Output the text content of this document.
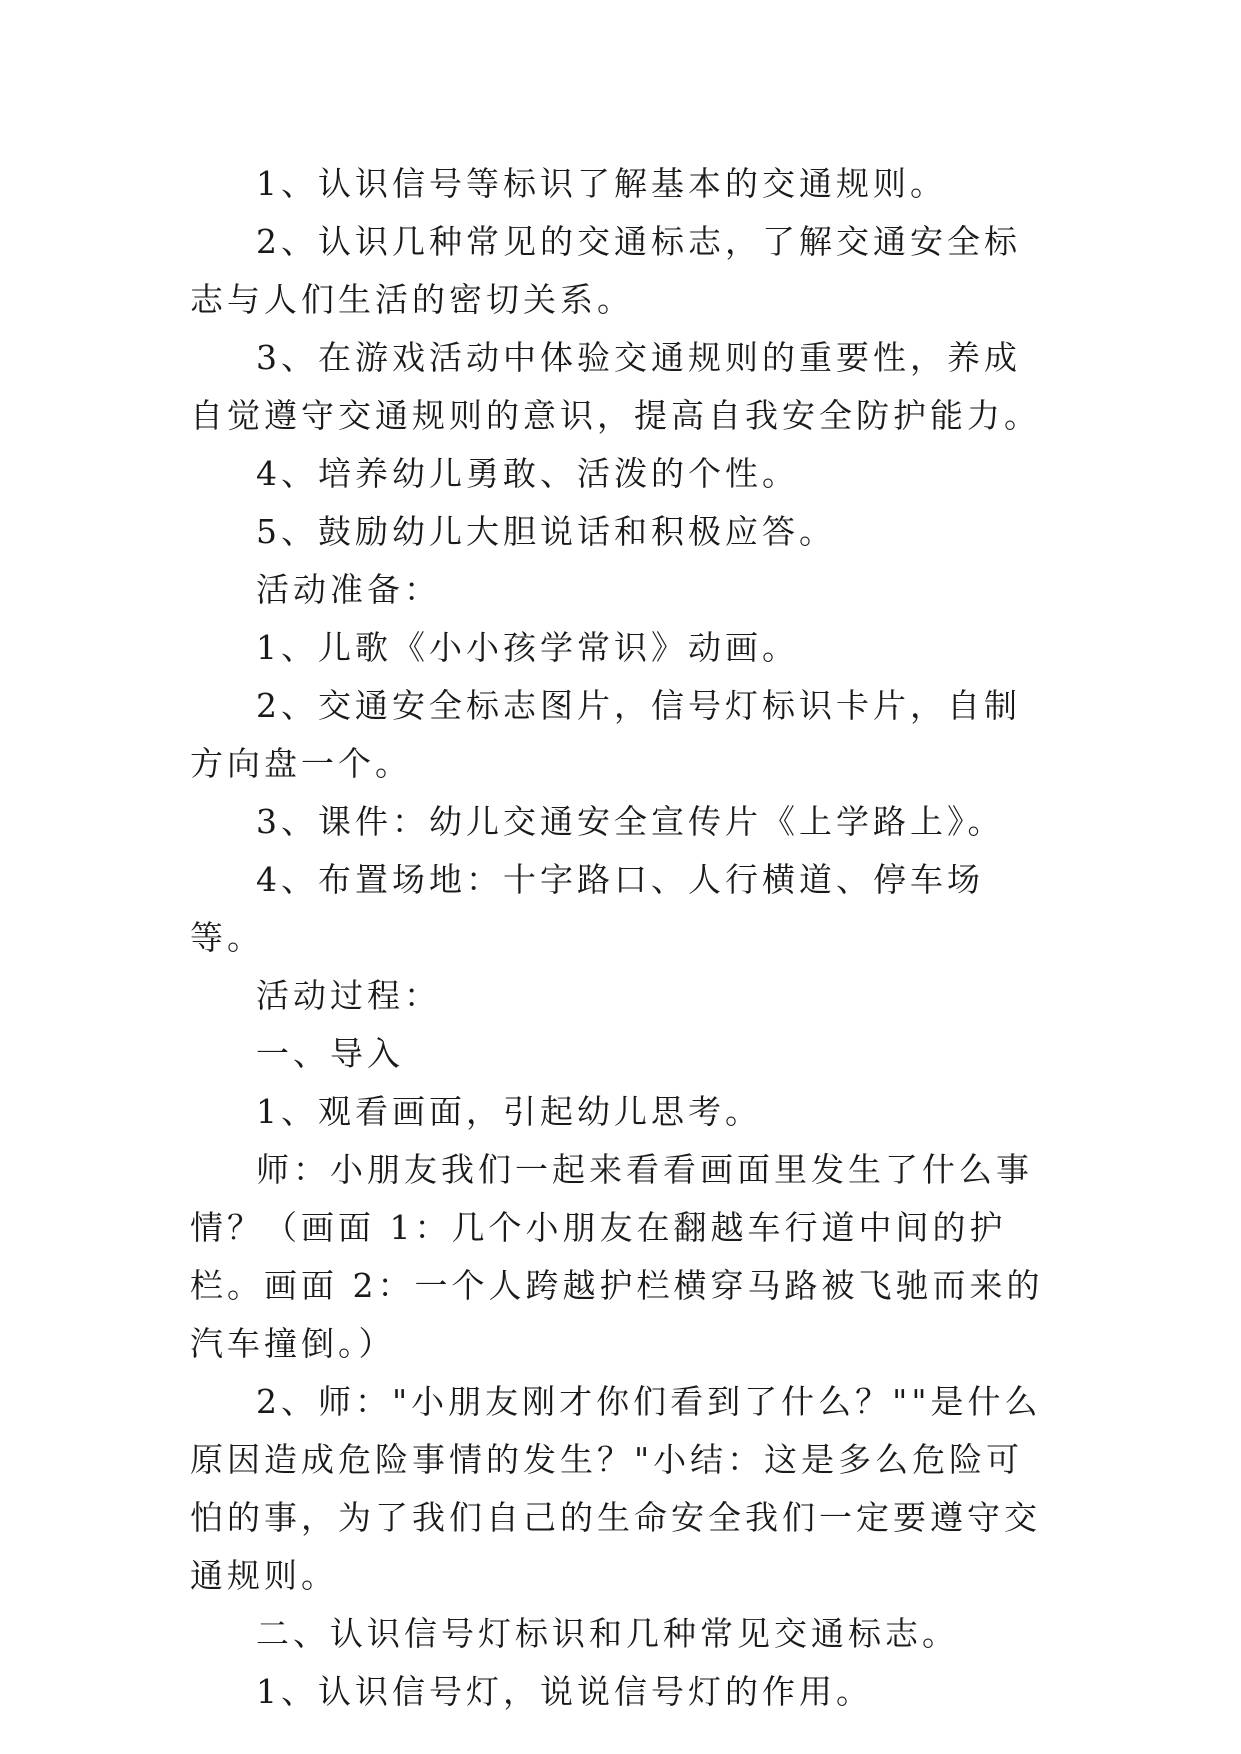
1、认识信号等标识了解基本的交通规则。

2、认识几种常见的交通标志，了解交通安全标志与人们生活的密切关系。

3、在游戏活动中体验交通规则的重要性，养成自觉遵守交通规则的意识，提高自我安全防护能力。

4、培养幼儿勇敢、活泼的个性。

5、鼓励幼儿大胆说话和积极应答。

活动准备：

1、儿歌《小小孩学常识》动画。

2、交通安全标志图片，信号灯标识卡片，自制方向盘一个。

3、课件：幼儿交通安全宣传片《上学路上》。

4、布置场地：十字路口、人行横道、停车场等。

活动过程：

一、导入

1、观看画面，引起幼儿思考。

师：小朋友我们一起来看看画面里发生了什么事情？（画面 1：几个小朋友在翻越车行道中间的护栏。画面 2：一个人跨越护栏横穿马路被飞驰而来的汽车撞倒。）

2、师："小朋友刚才你们看到了什么？""是什么原因造成危险事情的发生？"小结：这是多么危险可怕的事，为了我们自己的生命安全我们一定要遵守交通规则。

二、认识信号灯标识和几种常见交通标志。

1、认识信号灯，说说信号灯的作用。
